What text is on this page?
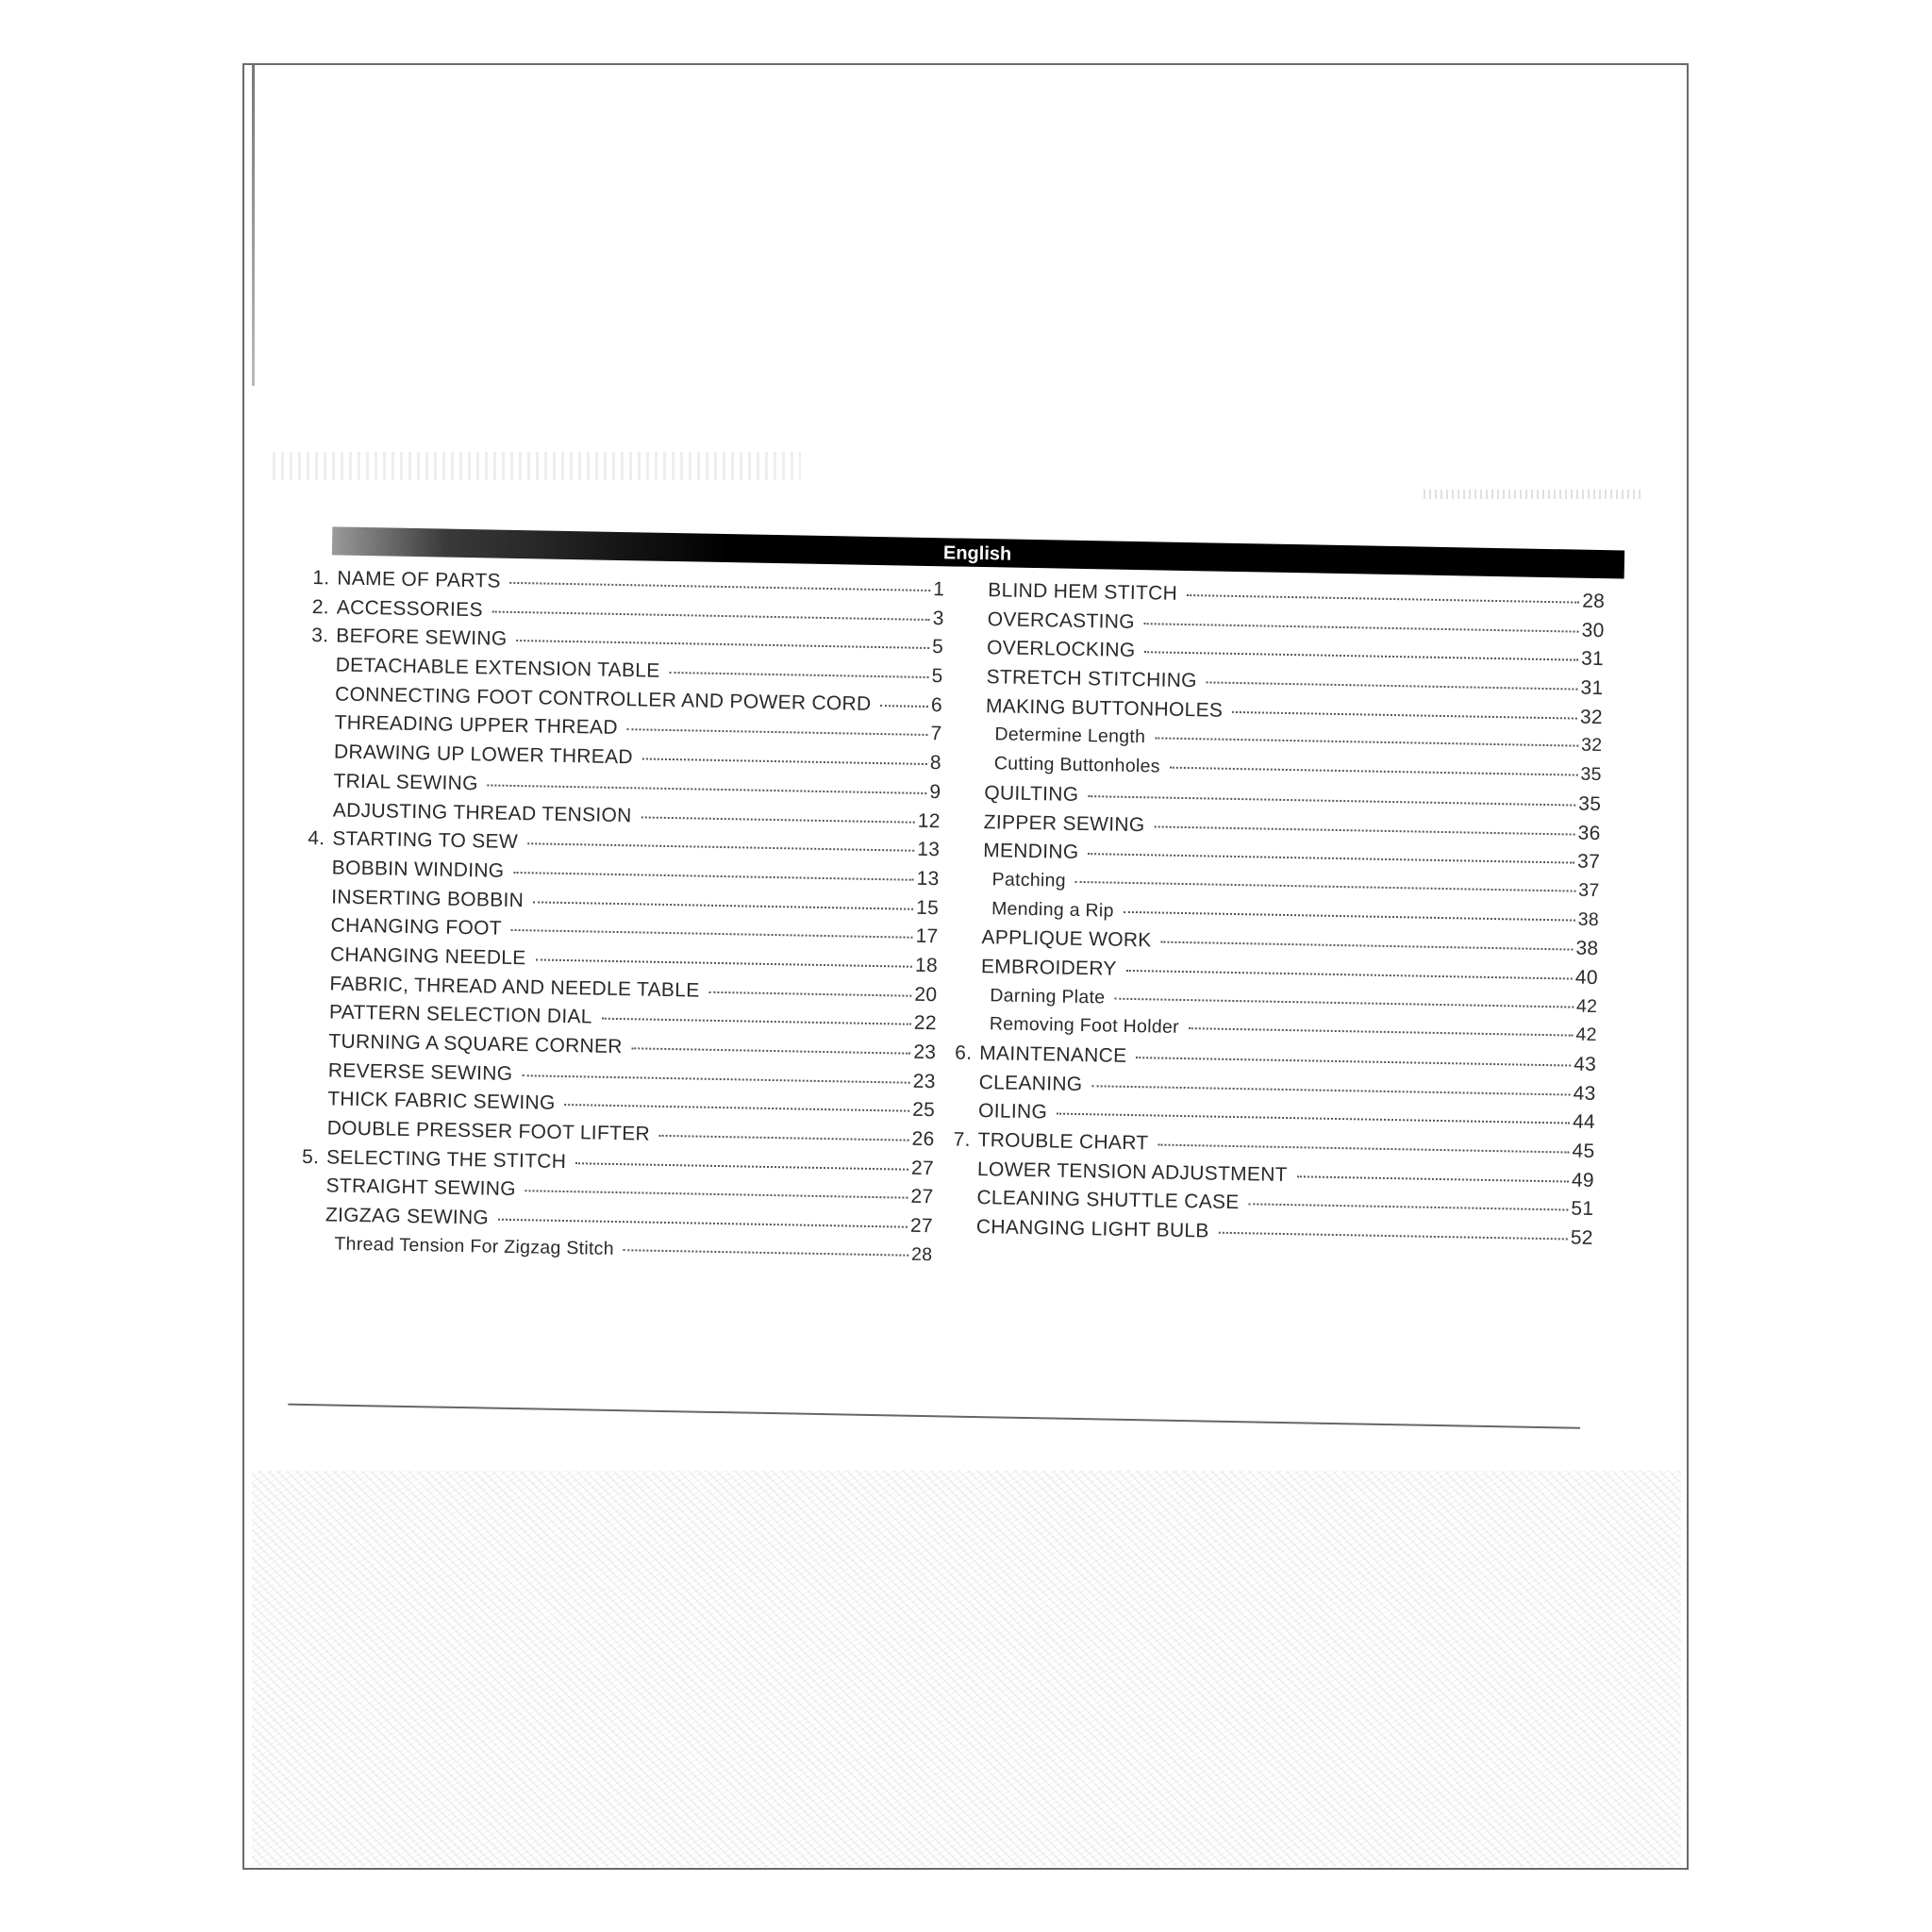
English
1. NAME OF PARTS	1
2. ACCESSORIES	3
3. BEFORE SEWING	5
DETACHABLE EXTENSION TABLE	5
CONNECTING FOOT CONTROLLER AND POWER CORD	6
THREADING UPPER THREAD	7
DRAWING UP LOWER THREAD	8
TRIAL SEWING	9
ADJUSTING THREAD TENSION	12
4. STARTING TO SEW	13
BOBBIN WINDING	13
INSERTING BOBBIN	15
CHANGING FOOT	17
CHANGING NEEDLE	18
FABRIC, THREAD AND NEEDLE TABLE	20
PATTERN SELECTION DIAL	22
TURNING A SQUARE CORNER	23
REVERSE SEWING	23
THICK FABRIC SEWING	25
DOUBLE PRESSER FOOT LIFTER	26
5. SELECTING THE STITCH	27
STRAIGHT SEWING	27
ZIGZAG SEWING	27
Thread Tension For Zigzag Stitch	28
BLIND HEM STITCH	28
OVERCASTING	30
OVERLOCKING	31
STRETCH STITCHING	31
MAKING BUTTONHOLES	32
Determine Length	32
Cutting Buttonholes	35
QUILTING	35
ZIPPER SEWING	36
MENDING	37
Patching	37
Mending a Rip	38
APPLIQUE WORK	38
EMBROIDERY	40
Darning Plate	42
Removing Foot Holder	42
6. MAINTENANCE	43
CLEANING	43
OILING	44
7. TROUBLE CHART	45
LOWER TENSION ADJUSTMENT	49
CLEANING SHUTTLE CASE	51
CHANGING LIGHT BULB	52
